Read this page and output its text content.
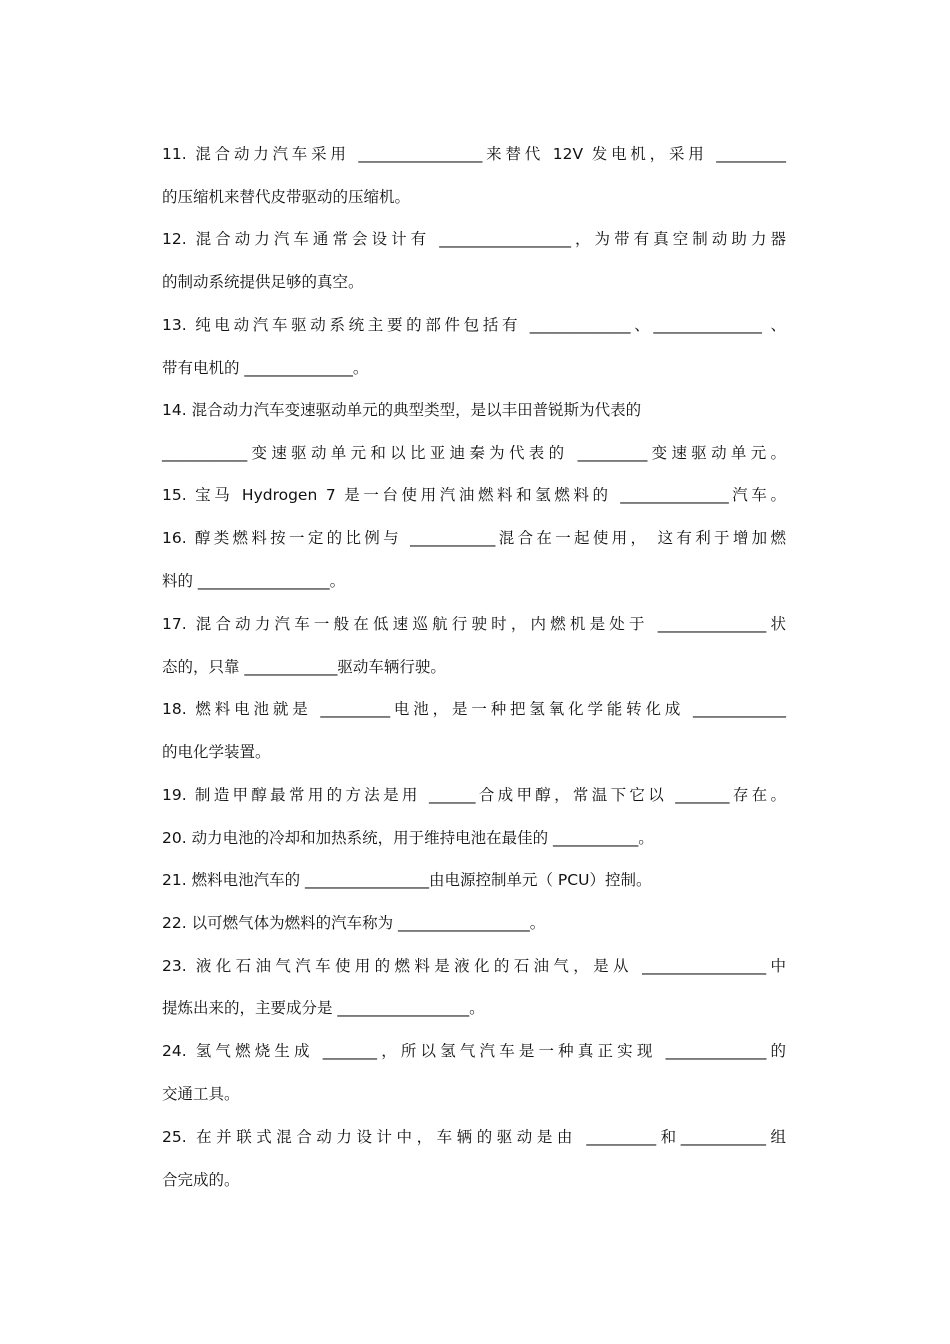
11. 混合动力汽车采用 ________________来替代 12V 发电机，采用 _________
的压缩机来替代皮带驱动的压缩机。
12. 混合动力汽车通常会设计有 _________________，为带有真空制动助力器
的制动系统提供足够的真空。
13. 纯电动汽车驱动系统主要的部件包括有 _____________、______________ 、
带有电机的 ______________。
14. 混合动力汽车变速驱动单元的典型类型，是以丰田普锐斯为代表的
___________变速驱动单元和以比亚迪秦为代表的 _________变速驱动单元。
15. 宝马 Hydrogen 7 是一台使用汽油燃料和氢燃料的 ______________汽车。
16. 醇类燃料按一定的比例与 ___________混合在一起使用， 这有利于增加燃
料的 _________________。
17. 混合动力汽车一般在低速巡航行驶时，内燃机是处于 ______________状
态的，只靠 ____________驱动车辆行驶。
18. 燃料电池就是 _________电池，是一种把氢氧化学能转化成 ____________
的电化学装置。
19. 制造甲醇最常用的方法是用 ______合成甲醇，常温下它以 _______存在。
20. 动力电池的冷却和加热系统，用于维持电池在最佳的 ___________。
21. 燃料电池汽车的 ________________由电源控制单元（ PCU）控制。
22. 以可燃气体为燃料的汽车称为 _________________。
23. 液化石油气汽车使用的燃料是液化的石油气，是从 ________________中
提炼出来的，主要成分是 _________________。
24. 氢气燃烧生成 _______，所以氢气汽车是一种真正实现 _____________的
交通工具。
25. 在并联式混合动力设计中，车辆的驱动是由 _________和___________组
合完成的。
